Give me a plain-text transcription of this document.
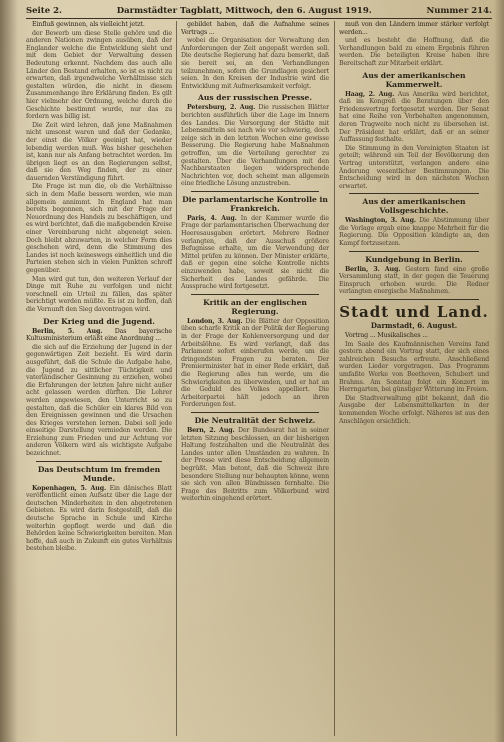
Seite 2.	Darmstädter Tagblatt, Mittwoch, den 6. August 1919.	Nummer 214.

Einfluß gewinnen, als vielleicht jetzt.

der Bewerb um diese Stelle gehöre und die anderen Nationen zwingen ausüben, daß der Englander welche die Entwicklung sieht und mit dem Gebiet der Verwaltung dessen Bedeutung erkennt. Nachdem das auch alle Länder den Bestand erhalten, so ist es nicht zu erwarten, daß irgendwelche Verhältnisse sich gestalten würden, die nicht in diesem Zusammenhange ihre Erklärung finden. Es gilt hier vielmehr der Ordnung, welche durch die Geschichte bestimmt wurde, nur das zu fordern was billig ist.

Die Zeit wird lehren, daß jene Maßnahmen nicht umsonst waren und daß der Gedanke, der einst die Völker geeinigt hat, wieder lebendig werden muß. Was bisher geschehen ist, kann nur als Anfang betrachtet werden. Im übrigen liegt es an den Regierungen selbst, daß sie den Weg finden, der zu einer dauernden Verständigung führt.

Die Frage ist nun die, ob die Verhältnisse sich in dem Maße bessern werden, wie man allgemein annimmt. In England hat man bereits begonnen, sich mit der Frage der Neuordnung des Handels zu beschäftigen, und es wird berichtet, daß die maßgebenden Kreise einer Vereinbarung nicht abgeneigt seien. Doch bleibt abzuwarten, in welcher Form dies geschehen wird, denn die Stimmung des Landes ist noch keineswegs einheitlich und die Parteien stehen sich in vielen Punkten schroff gegenüber.

Man wird gut tun, den weiteren Verlauf der Dinge mit Ruhe zu verfolgen und nicht vorschnell ein Urteil zu fällen, das später berichtigt werden müßte. Es ist zu hoffen, daß die Vernunft den Sieg davontragen wird.

Der Krieg und die Jugend.

Berlin, 5. Aug. Das bayerische Kultusministerium erläßt eine Anordnung ...

die sich auf die Erziehung der Jugend in der gegenwärtigen Zeit bezieht. Es wird darin ausgeführt, daß die Schule die Aufgabe habe, die Jugend zu sittlicher Tüchtigkeit und vaterländischer Gesinnung zu erziehen, wobei die Erfahrungen der letzten Jahre nicht außer acht gelassen werden dürften. Die Lehrer werden angewiesen, den Unterricht so zu gestalten, daß die Schüler ein klares Bild von den Ereignissen gewinnen und die Ursachen des Krieges verstehen lernen. Dabei soll jede einseitige Darstellung vermieden werden. Die Erziehung zum Frieden und zur Achtung vor anderen Völkern wird als wichtigste Aufgabe bezeichnet.

Das Deutschtum im fremden Munde.

Kopenhagen, 5. Aug. Ein dänisches Blatt veröffentlicht einen Aufsatz über die Lage der deutschen Minderheiten in den abgetretenen Gebieten. Es wird darin festgestellt, daß die deutsche Sprache in Schule und Kirche weiterhin gepflegt werde und daß die Behörden keine Schwierigkeiten bereiten. Man hoffe, daß auch in Zukunft ein gutes Verhältnis bestehen bleibe.

gebildet haben, daß die Aufnahme seines Vertrags ...

wobei die Organisation der Verwaltung den Anforderungen der Zeit angepaßt werden soll. Die deutsche Regierung hat dazu bemerkt, daß sie bereit sei, an den Verhandlungen teilzunehmen, sofern die Grundlagen gesichert seien. In den Kreisen der Industrie wird die Entwicklung mit Aufmerksamkeit verfolgt.

Aus der russischen Presse.

Petersburg, 2. Aug. Die russischen Blätter berichten ausführlich über die Lage im Innern des Landes. Die Versorgung der Städte mit Lebensmitteln sei nach wie vor schwierig, doch zeige sich in den letzten Wochen eine gewisse Besserung. Die Regierung habe Maßnahmen getroffen, um die Verteilung gerechter zu gestalten. Über die Verhandlungen mit den Nachbarstaaten liegen widersprechende Nachrichten vor, doch scheint man allgemein eine friedliche Lösung anzustreben.

Die parlamentarische Kontrolle in Frankreich.

Paris, 4. Aug. In der Kammer wurde die Frage der parlamentarischen Überwachung der Heeresausgaben erörtert. Mehrere Redner verlangten, daß der Ausschuß größere Befugnisse erhalte, um die Verwendung der Mittel prüfen zu können. Der Minister erklärte, daß er gegen eine solche Kontrolle nichts einzuwenden habe, soweit sie nicht die Sicherheit des Landes gefährde. Die Aussprache wird fortgesetzt.

Kritik an der englischen Regierung.

London, 3. Aug. Die Blätter der Opposition üben scharfe Kritik an der Politik der Regierung in der Frage der Kohlenversorgung und der Arbeitslöhne. Es wird verlangt, daß das Parlament sofort einberufen werde, um die dringendsten Fragen zu beraten. Der Premierminister hat in einer Rede erklärt, daß die Regierung alles tun werde, um die Schwierigkeiten zu überwinden, und er hat an die Geduld des Volkes appelliert. Die Arbeiterpartei hält jedoch an ihren Forderungen fest.

Die Neutralität der Schweiz.

Bern, 2. Aug. Der Bundesrat hat in seiner letzten Sitzung beschlossen, an der bisherigen Haltung festzuhalten und die Neutralität des Landes unter allen Umständen zu wahren. In der Presse wird diese Entscheidung allgemein begrüßt. Man betont, daß die Schweiz ihre besondere Stellung nur behaupten könne, wenn sie sich von allen Bündnissen fernhalte. Die Frage des Beitritts zum Völkerbund wird weiterhin eingehend erörtert.

muß von den Ländern immer stärker verfolgt werden...

und es besteht die Hoffnung, daß die Verhandlungen bald zu einem Ergebnis führen werden. Die beteiligten Kreise haben ihre Bereitschaft zur Mitarbeit erklärt.

Aus der amerikanischen Kammerwelt.

Haag, 2. Aug. Aus Amerika wird berichtet, daß im Kongreß die Beratungen über den Friedensvertrag fortgesetzt werden. Der Senat hat eine Reihe von Vorbehalten angenommen, deren Tragweite noch nicht zu übersehen ist. Der Präsident hat erklärt, daß er an seiner Auffassung festhalte.

Die Stimmung in den Vereinigten Staaten ist geteilt; während ein Teil der Bevölkerung den Vertrag unterstützt, verlangen andere eine Änderung wesentlicher Bestimmungen. Die Entscheidung wird in den nächsten Wochen erwartet.

Aus der amerikanischen Vollsgeschichte.

Washington, 3. Aug. Die Abstimmung über die Vorlage ergab eine knappe Mehrheit für die Regierung. Die Opposition kündigte an, den Kampf fortzusetzen.

Kundgebung in Berlin.

Berlin, 3. Aug. Gestern fand eine große Versammlung statt, in der gegen die Teuerung Einspruch erhoben wurde. Die Redner verlangten energische Maßnahmen.

Stadt und Land.
Darmstadt, 6. August.

Vortrag ... Musikalisches ...

Im Saale des Kaufmännischen Vereins fand gestern abend ein Vortrag statt, der sich eines zahlreichen Besuchs erfreute. Anschließend wurden Lieder vorgetragen. Das Programm umfaßte Werke von Beethoven, Schubert und Brahms. Am Sonntag folgt ein Konzert im Herrngarten, bei günstiger Witterung im Freien.

Die Stadtverwaltung gibt bekannt, daß die Ausgabe der Lebensmittelkarten in der kommenden Woche erfolgt. Näheres ist aus den Anschlägen ersichtlich.
